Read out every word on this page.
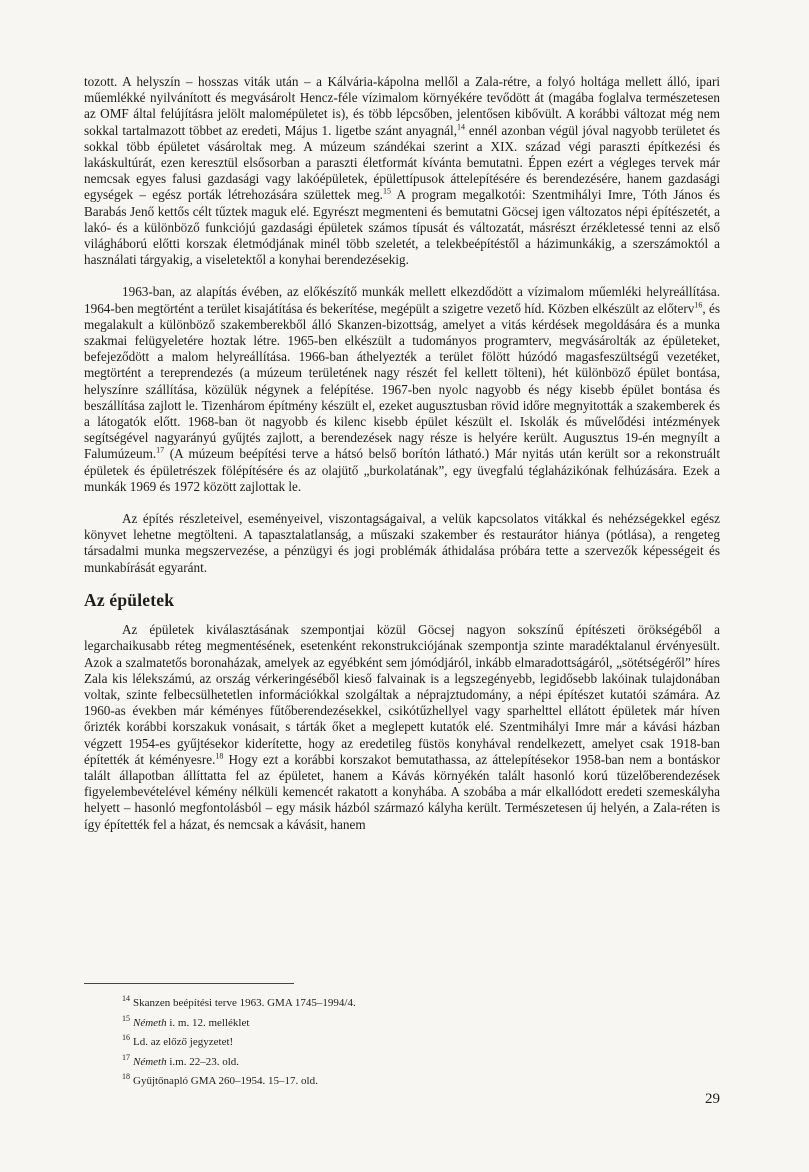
tozott. A helyszín – hosszas viták után – a Kálvária-kápolna mellől a Zala-rétre, a folyó holtága mellett álló, ipari műemlékké nyilvánított és megvásárolt Hencz-féle vízimalom környékére tevődött át (magába foglalva természetesen az OMF által felújításra jelölt malomépületet is), és több lépcsőben, jelentősen kibővült. A korábbi változat még nem sokkal tartalmazott többet az eredeti, Május 1. ligetbe szánt anyagnál,$^{14}$ ennél azonban végül jóval nagyobb területet és sokkal több épületet vásároltak meg. A múzeum szándékai szerint a XIX. század végi paraszti építkezési és lakáskultúrát, ezen keresztül elsősorban a paraszti életformát kívánta bemutatni. Éppen ezért a végleges tervek már nemcsak egyes falusi gazdasági vagy lakóépületek, épülettípusok áttelepítésére és berendezésére, hanem gazdasági egységek – egész porták létrehozására születtek meg.$^{15}$ A program megalkotói: Szentmihályi Imre, Tóth János és Barabás Jenő kettős célt tűztek maguk elé. Egyrészt megmenteni és bemutatni Göcsej igen változatos népi építészetét, a lakó- és a különböző funkciójú gazdasági épületek számos típusát és változatát, másrészt érzékletessé tenni az első világháború előtti korszak életmódjának minél több szeletét, a telekbeépítéstől a házimunkákig, a szerszámoktól a használati tárgyakig, a viseletektől a konyhai berendezésekig.

1963-ban, az alapítás évében, az előkészítő munkák mellett elkezdődött a vízimalom műemléki helyreállítása. 1964-ben megtörtént a terület kisajátítása és bekerítése, megépült a szigetre vezető híd. Közben elkészült az előterv$^{16}$, és megalakult a különböző szakemberekből álló Skanzen-bizottság, amelyet a vitás kérdések megoldására és a munka szakmai felügyeletére hoztak létre. 1965-ben elkészült a tudományos programterv, megvásárolták az épületeket, befejeződött a malom helyreállítása. 1966-ban áthelyezték a terület fölött húzódó magasfeszültségű vezetéket, megtörtént a tereprendezés (a múzeum területének nagy részét fel kellett tölteni), hét különböző épület bontása, helyszínre szállítása, közülük négynek a felépítése. 1967-ben nyolc nagyobb és négy kisebb épület bontása és beszállítása zajlott le. Tizenhárom építmény készült el, ezeket augusztusban rövid időre megnyitották a szakemberek és a látogatók előtt. 1968-ban öt nagyobb és kilenc kisebb épület készült el. Iskolák és művelődési intézmények segítségével nagyarányú gyűjtés zajlott, a berendezések nagy része is helyére került. Augusztus 19-én megnyílt a Falumúzeum.$^{17}$ (A múzeum beépítési terve a hátsó belső borítón látható.) Már nyitás után került sor a rekonstruált épületek és épületrészek fölépítésére és az olajütő „burkolatának”, egy üvegfalú téglaházikónak felhúzására. Ezek a munkák 1969 és 1972 között zajlottak le.

Az építés részleteivel, eseményeivel, viszontagságaival, a velük kapcsolatos vitákkal és nehézségekkel egész könyvet lehetne megtölteni. A tapasztalatlanság, a műszaki szakember és restaurátor hiánya (pótlása), a rengeteg társadalmi munka megszervezése, a pénzügyi és jogi problémák áthidalása próbára tette a szervezők képességeit és munkabírását egyaránt.

Az épületek

Az épületek kiválasztásának szempontjai közül Göcsej nagyon sokszínű építészeti örökségéből a legarchaikusabb réteg megmentésének, esetenként rekonstrukciójának szempontja szinte maradéktalanul érvényesült. Azok a szalmatetős boronaházak, amelyek az egyébként sem jómódjáról, inkább elmaradottságáról, „sötétségéről” híres Zala kis lélekszámú, az ország vérkeringéséből kieső falvainak is a legszegényebb, legidősebb lakóinak tulajdonában voltak, szinte felbecsülhetetlen információkkal szolgáltak a néprajztudomány, a népi építészet kutatói számára. Az 1960-as években már kéményes fűtőberendezésekkel, csikótűzhellyel vagy sparhelttel ellátott épületek már híven őrizték korábbi korszakuk vonásait, s tárták őket a meglepett kutatók elé. Szentmihályi Imre már a kávási házban végzett 1954-es gyűjtésekor kiderítette, hogy az eredetileg füstös konyhával rendelkezett, amelyet csak 1918-ban építették át kéményesre.$^{18}$ Hogy ezt a korábbi korszakot bemutathassa, az áttelepítésekor 1958-ban nem a bontáskor talált állapotban állíttatta fel az épületet, hanem a Kávás környékén talált hasonló korú tüzelőberendezések figyelembevételével kémény nélküli kemencét rakatott a konyhába. A szobába a már elkallódott eredeti szemeskályha helyett – hasonló megfontolásból – egy másik házból származó kályha került. Természetesen új helyén, a Zala-réten is így építették fel a házat, és nemcsak a kávásit, hanem

$^{14}$ Skanzen beépítési terve 1963. GMA 1745–1994/4.
$^{15}$ Németh i. m. 12. melléklet
$^{16}$ Ld. az előző jegyzetet!
$^{17}$ Németh i.m. 22–23. old.
$^{18}$ Gyűjtőnapló GMA 260–1954. 15–17. old.
29
